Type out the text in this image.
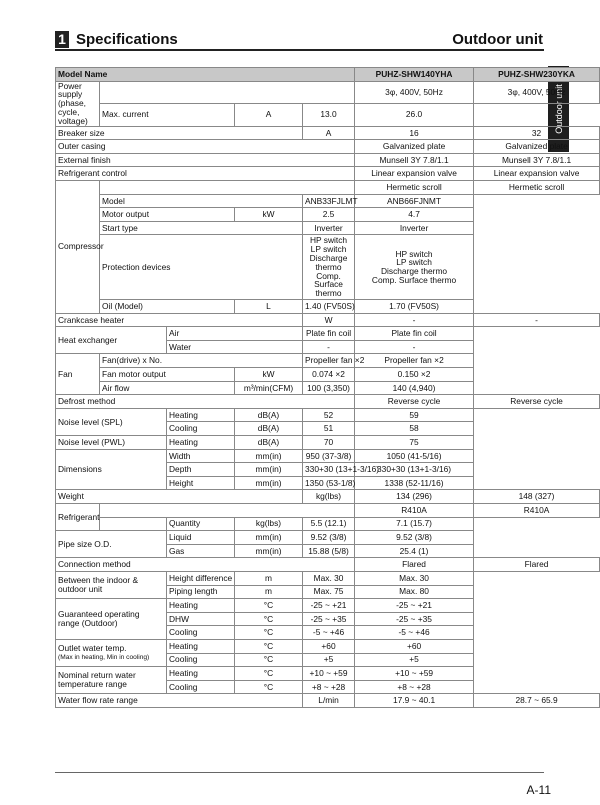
1 Specifications	Outdoor unit
Outdoor unit
Model Name					PUHZ-SHW140YHA	PUHZ-SHW230YKA
Power supply (phase, cycle, voltage)					3φ, 400V, 50Hz	3φ, 400V, 50Hz
	Max. current		A	13.0	26.0	
Breaker size				A	16	32
Outer casing					Galvanized plate	Galvanized plate
External finish					Munsell 3Y 7.8/1.1	Munsell 3Y 7.8/1.1
Refrigerant control					Linear expansion valve	Linear expansion valve
Compressor					Hermetic scroll	Hermetic scroll
	Model			ANB33FJLMT	ANB66FJNMT	
	Motor output		kW	2.5	4.7	
	Start type			Inverter	Inverter	
	Protection devices			HP switch
LP switch
Discharge thermo
Comp. Surface thermo	HP switch
LP switch
Discharge thermo
Comp. Surface thermo	
	Oil (Model)		L	1.40 (FV50S)	1.70 (FV50S)	
Crankcase heater				W	-	-
Heat exchanger		Air		Plate fin coil	Plate fin coil	
		Water		-	-	
Fan	Fan(drive) x No.			Propeller fan ×2	Propeller fan ×2	
	Fan motor output		kW	0.074 ×2	0.150 ×2	
	Air flow		m³/min(CFM)	100 (3,350)	140 (4,940)	
Defrost method					Reverse cycle	Reverse cycle
Noise level (SPL)		Heating	dB(A)	52	59	
		Cooling	dB(A)	51	58	
Noise level (PWL)		Heating	dB(A)	70	75	
Dimensions		Width	mm(in)	950 (37-3/8)	1050 (41-5/16)	
		Depth	mm(in)	330+30 (13+1-3/16)	330+30 (13+1-3/16)	
		Height	mm(in)	1350 (53-1/8)	1338 (52-11/16)	
Weight				kg(lbs)	134 (296)	148 (327)
Refrigerant					R410A	R410A
		Quantity	kg(lbs)	5.5 (12.1)	7.1 (15.7)	
Pipe size O.D.		Liquid	mm(in)	9.52 (3/8)	9.52 (3/8)	
		Gas	mm(in)	15.88 (5/8)	25.4 (1)	
Connection method					Flared	Flared
Between the indoor &
outdoor unit		Height difference	m	Max. 30	Max. 30	
		Piping length	m	Max. 75	Max. 80	
Guaranteed operating
range (Outdoor)		Heating	°C	-25 ~ +21	-25 ~ +21	
		DHW	°C	-25 ~ +35	-25 ~ +35	
		Cooling	°C	-5 ~ +46	-5 ~ +46	
Outlet water temp.
(Max in heating, Min in cooling)		Heating	°C	+60	+60	
		Cooling	°C	+5	+5	
Nominal return water
temperature range		Heating	°C	+10 ~ +59	+10 ~ +59	
		Cooling	°C	+8 ~ +28	+8 ~ +28	
Water flow rate range				L/min	17.9 ~ 40.1	28.7 ~ 65.9
A-11
